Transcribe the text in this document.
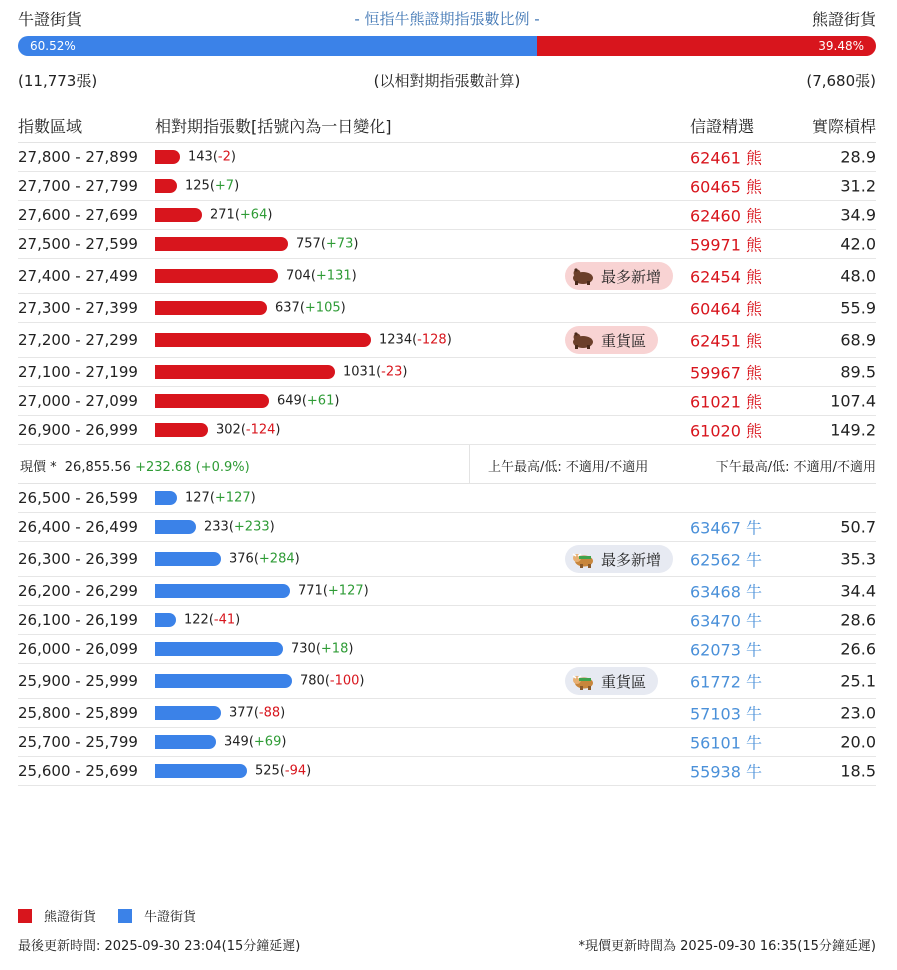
牛證街貨	- 恒指牛熊證期指張數比例 -	熊證街貨
60.52%	39.48%
(11,773張)	(以相對期指張數計算)	(7,680張)
指數區域	相對期指張數[括號內為一日變化]	信證精選	實際槓桿
27,800 - 27,899	143(-2)	62461 熊	28.9
27,700 - 27,799	125(+7)	60465 熊	31.2
27,600 - 27,699	271(+64)	62460 熊	34.9
27,500 - 27,599	757(+73)	59971 熊	42.0
27,400 - 27,499	704(+131)	最多新增 62454 熊	48.0
27,300 - 27,399	637(+105)	60464 熊	55.9
27,200 - 27,299	1234(-128)	重貨區	62451 熊	68.9
27,100 - 27,199	1031(-23)	59967 熊	89.5
27,000 - 27,099	649(+61)	61021 熊	107.4
26,900 - 26,999	302(-124)	61020 熊	149.2
現價 * 26,855.56 +232.68 (+0.9%)	上午最高/低: 不適用/不適用	下午最高/低: 不適用/不適用
26,500 - 26,599	127(+127)
26,400 - 26,499	233(+233)	63467 牛	50.7
26,300 - 26,399	376(+284)	最多新增 62562 牛	35.3
26,200 - 26,299	771(+127)	63468 牛	34.4
26,100 - 26,199	122(-41)	63470 牛	28.6
26,000 - 26,099	730(+18)	62073 牛	26.6
25,900 - 25,999	780(-100)	重貨區	61772 牛	25.1
25,800 - 25,899	377(-88)	57103 牛	23.0
25,700 - 25,799	349(+69)	56101 牛	20.0
25,600 - 25,699	525(-94)	55938 牛	18.5
熊證街貨	牛證街貨
最後更新時間: 2025-09-30 23:04(15分鐘延遲)	*現價更新時間為 2025-09-30 16:35(15分鐘延遲)
